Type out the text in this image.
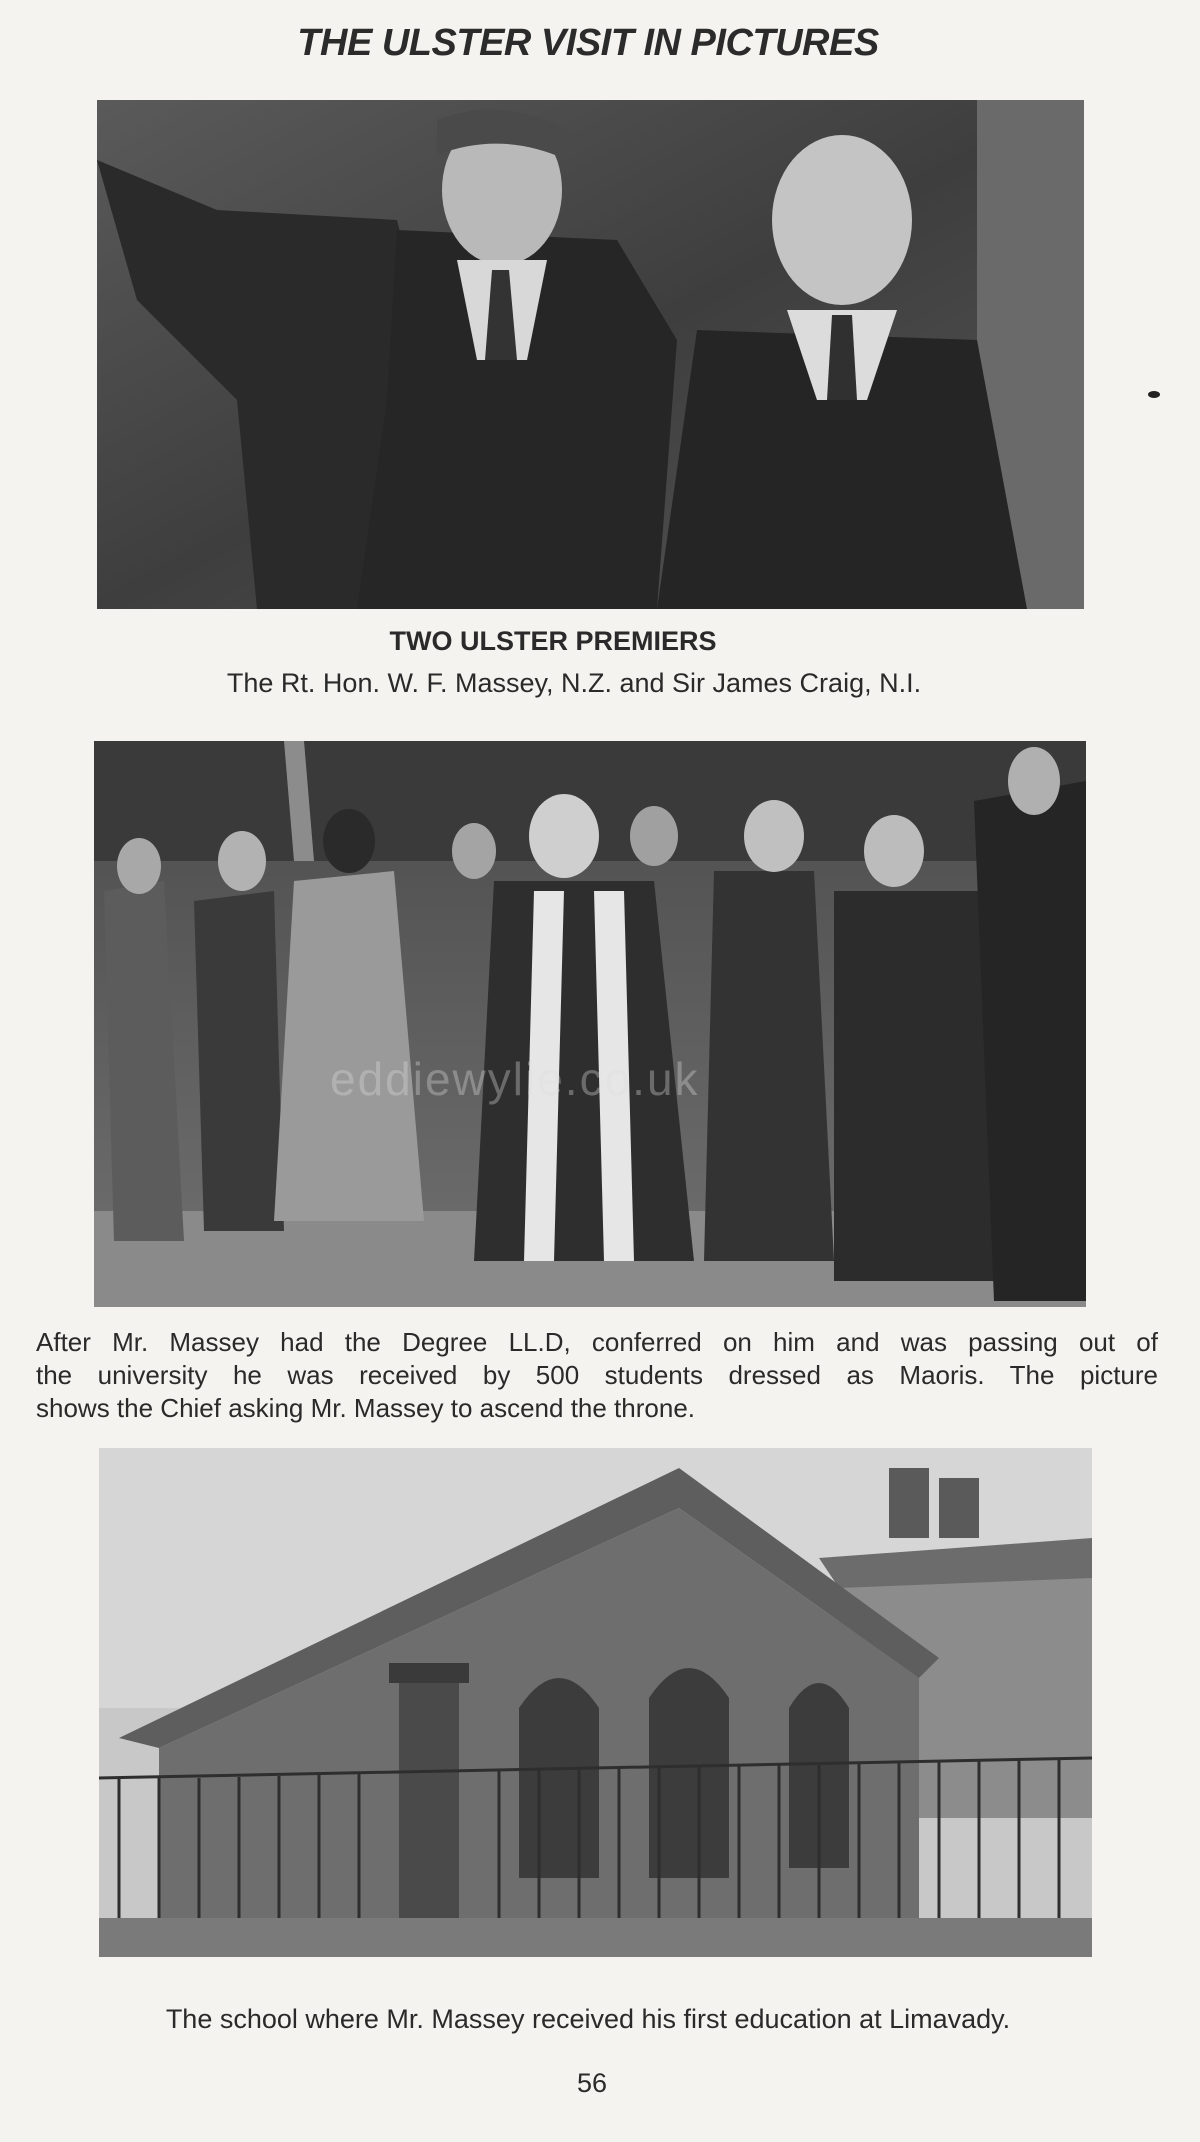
THE ULSTER VISIT IN PICTURES
TWO ULSTER PREMIERS
The Rt. Hon. W. F. Massey, N.Z. and Sir James Craig, N.I.
eddiewylie.co.uk
After Mr. Massey had the Degree LL.D, conferred on him and was passing out of
the university he was received by 500 students dressed as Maoris. The picture
shows the Chief asking Mr. Massey to ascend the throne.
The school where Mr. Massey received his first education at Limavady.
56
